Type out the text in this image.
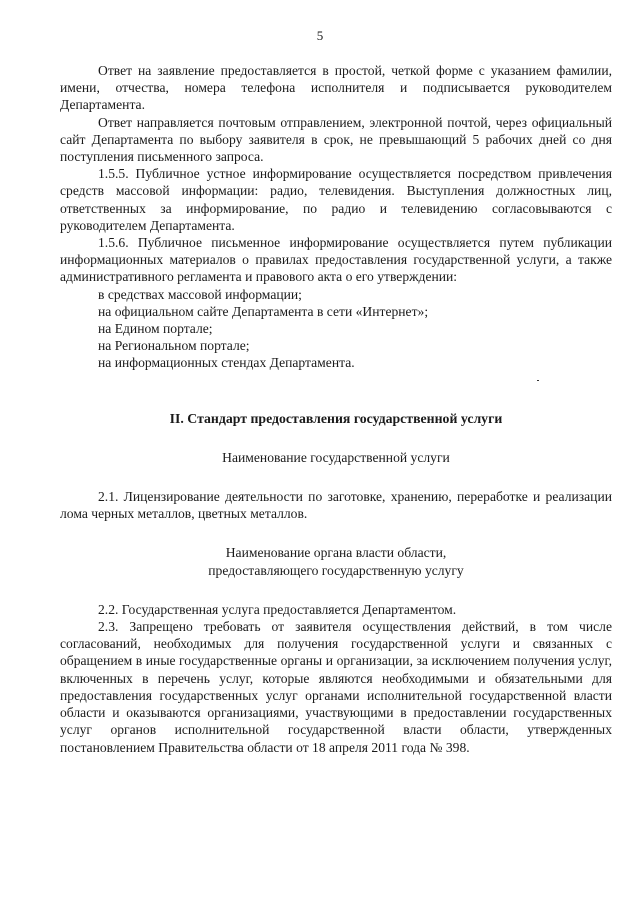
5

Ответ на заявление предоставляется в простой, четкой форме с указанием фамилии, имени, отчества, номера телефона исполнителя и подписывается руководителем Департамента.

Ответ направляется почтовым отправлением, электронной почтой, через официальный сайт Департамента по выбору заявителя в срок, не превышающий 5 рабочих дней со дня поступления письменного запроса.

1.5.5. Публичное устное информирование осуществляется посредством привлечения средств массовой информации: радио, телевидения. Выступления должностных лиц, ответственных за информирование, по радио и телевидению согласовываются с руководителем Департамента.

1.5.6. Публичное письменное информирование осуществляется путем публикации информационных материалов о правилах предоставления государственной услуги, а также административного регламента и правового акта о его утверждении:

в средствах массовой информации;

на официальном сайте Департамента в сети «Интернет»;

на Едином портале;

на Региональном портале;

на информационных стендах Департамента.

II. Стандарт предоставления государственной услуги

Наименование государственной услуги

2.1. Лицензирование деятельности по заготовке, хранению, переработке и реализации лома черных металлов, цветных металлов.

Наименование органа власти области,
предоставляющего государственную услугу

2.2. Государственная услуга предоставляется Департаментом.

2.3. Запрещено требовать от заявителя осуществления действий, в том числе согласований, необходимых для получения государственной услуги и связанных с обращением в иные государственные органы и организации, за исключением получения услуг, включенных в перечень услуг, которые являются необходимыми и обязательными для предоставления государственных услуг органами исполнительной государственной власти области и оказываются организациями, участвующими в предоставлении государственных услуг органов исполнительной государственной власти области, утвержденных постановлением Правительства области от 18 апреля 2011 года № 398.
